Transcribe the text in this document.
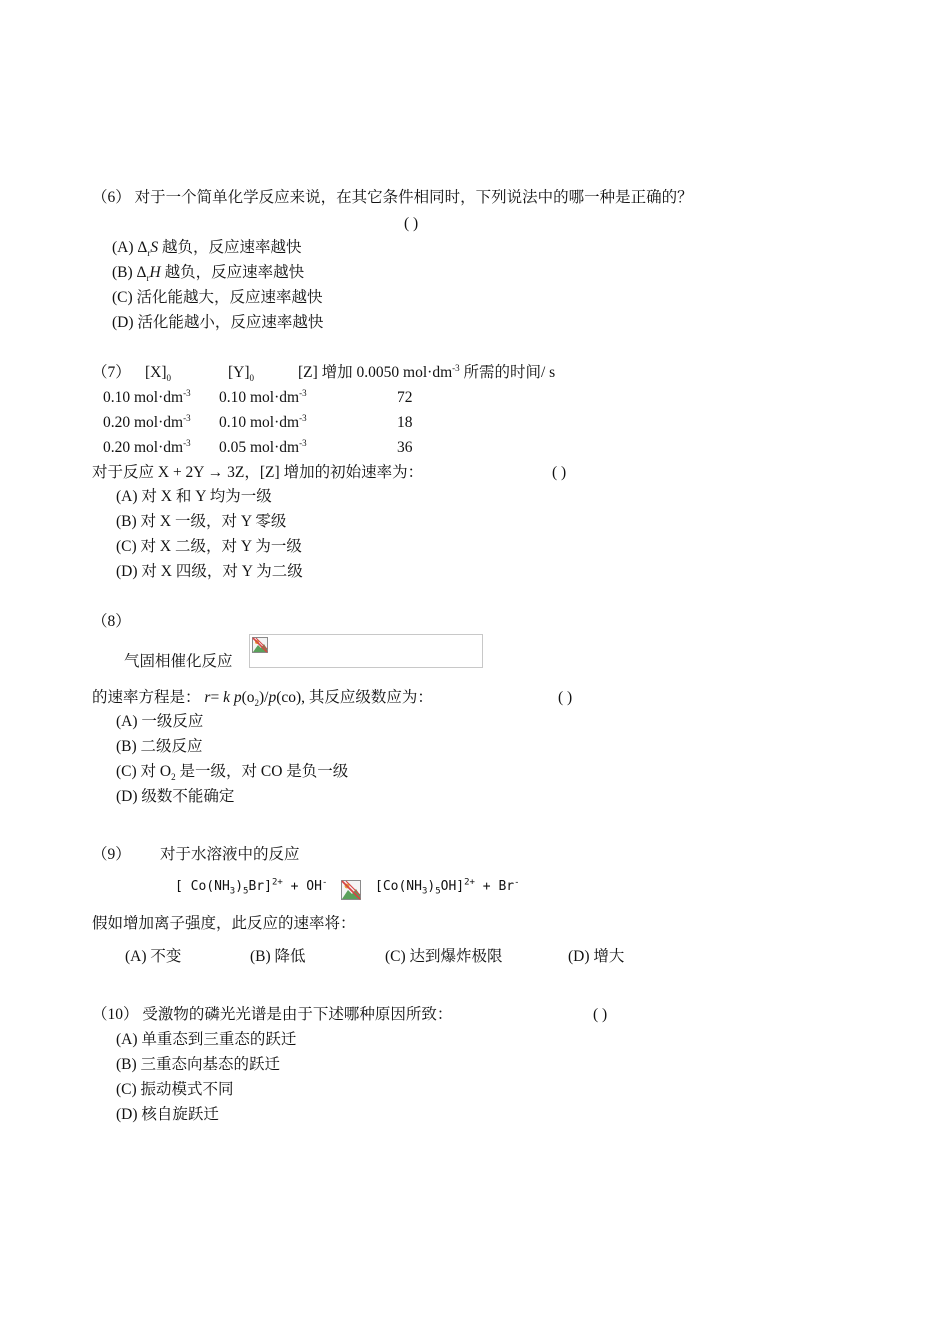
（6） 对于一个简单化学反应来说，在其它条件相同时，下列说法中的哪一种是正确的？
( )
(A) $\Delta_rS$ 越负，反应速率越快
(B) $\Delta_rH$ 越负，反应速率越快
(C) 活化能越大，反应速率越快
(D) 活化能越小，反应速率越快
（7） $[X]_0$	$[Y]_0$	[Z] 增加 0.0050 $mol\cdot dm^{-3}$ 所需的时间/ s
0.10 $mol\cdot dm^{-3}$ 0.10 $mol\cdot dm^{-3}$	72
0.20 $mol\cdot dm^{-3}$ 0.10 $mol\cdot dm^{-3}$	18
0.20 $mol\cdot dm^{-3}$ 0.05 $mol\cdot dm^{-3}$	36
对于反应 X + 2Y → 3Z，[Z] 增加的初始速率为：	( )
(A) 对 X 和 Y 均为一级
(B) 对 X 一级，对 Y 零级
(C) 对 X 二级，对 Y 为一级
(D) 对 X 四级，对 Y 为二级
（8）
气固相催化反应
的速率方程是： r= k $p(o_2)/p(co)$, 其反应级数应为：	( )
(A) 一级反应
(B) 二级反应
(C) 对 $O_2$ 是一级，对 CO 是负一级
(D) 级数不能确定
（9） 对于水溶液中的反应
[ $Co(NH_3)_5Br]^{2+} + OH^-$	$[Co(NH_3)_5OH]^{2+} + Br^-$
假如增加离子强度，此反应的速率将：
(A) 不变	(B) 降低	(C) 达到爆炸极限	(D) 增大
（10） 受激物的磷光光谱是由于下述哪种原因所致：	( )
(A) 单重态到三重态的跃迁
(B) 三重态向基态的跃迁
(C) 振动模式不同
(D) 核自旋跃迁
